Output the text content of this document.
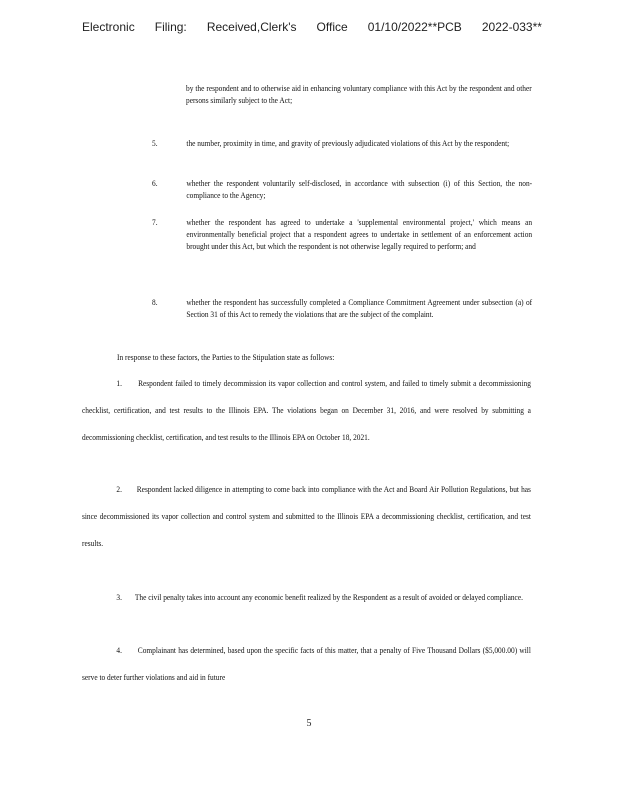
Electronic Filing: Received,Clerk's Office 01/10/2022**PCB 2022-033**
by the respondent and to otherwise aid in enhancing voluntary compliance with this Act by the respondent and other persons similarly subject to the Act;
5.	the number, proximity in time, and gravity of previously adjudicated violations of this Act by the respondent;
6.	whether the respondent voluntarily self-disclosed, in accordance with subsection (i) of this Section, the non-compliance to the Agency;
7.	whether the respondent has agreed to undertake a 'supplemental environmental project,' which means an environmentally beneficial project that a respondent agrees to undertake in settlement of an enforcement action brought under this Act, but which the respondent is not otherwise legally required to perform; and
8.	whether the respondent has successfully completed a Compliance Commitment Agreement under subsection (a) of Section 31 of this Act to remedy the violations that are the subject of the complaint.
In response to these factors, the Parties to the Stipulation state as follows:
1. Respondent failed to timely decommission its vapor collection and control system, and failed to timely submit a decommissioning checklist, certification, and test results to the Illinois EPA. The violations began on December 31, 2016, and were resolved by submitting a decommissioning checklist, certification, and test results to the Illinois EPA on October 18, 2021.
2. Respondent lacked diligence in attempting to come back into compliance with the Act and Board Air Pollution Regulations, but has since decommissioned its vapor collection and control system and submitted to the Illinois EPA a decommissioning checklist, certification, and test results.
3. The civil penalty takes into account any economic benefit realized by the Respondent as a result of avoided or delayed compliance.
4. Complainant has determined, based upon the specific facts of this matter, that a penalty of Five Thousand Dollars ($5,000.00) will serve to deter further violations and aid in future
5
